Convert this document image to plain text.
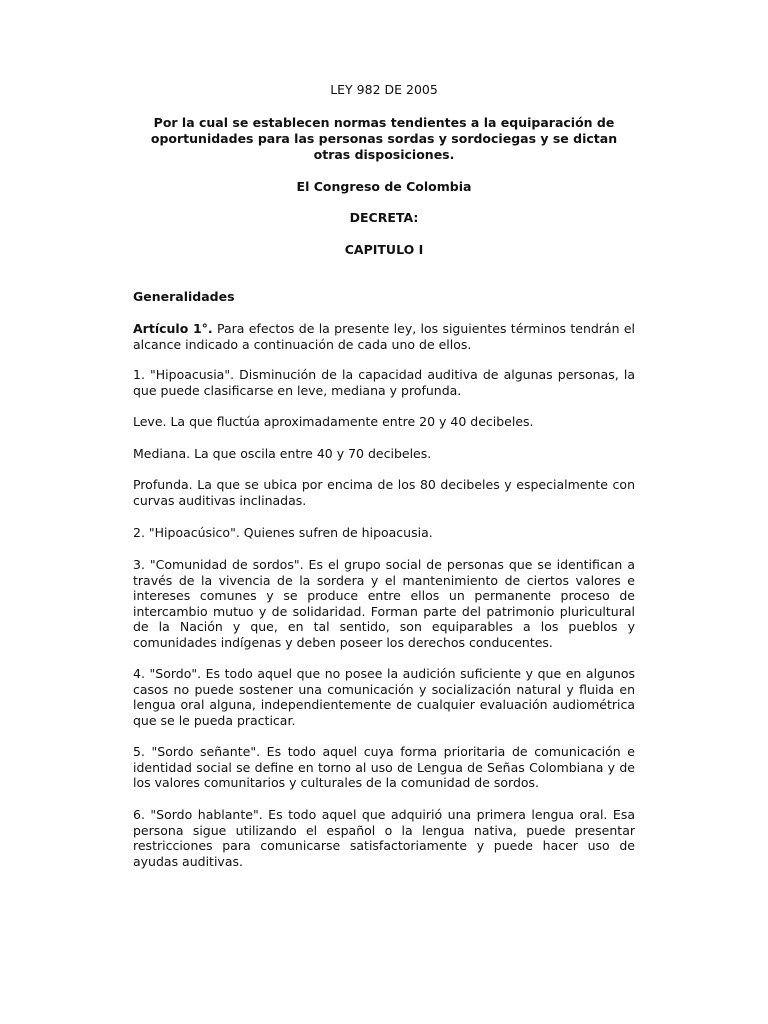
LEY 982 DE 2005

Por la cual se establecen normas tendientes a la equiparación de oportunidades para las personas sordas y sordociegas y se dictan otras disposiciones.

El Congreso de Colombia

DECRETA:

CAPITULO I

Generalidades

Artículo 1°. Para efectos de la presente ley, los siguientes términos tendrán el alcance indicado a continuación de cada uno de ellos.

1. "Hipoacusia". Disminución de la capacidad auditiva de algunas personas, la que puede clasificarse en leve, mediana y profunda.

Leve. La que fluctúa aproximadamente entre 20 y 40 decibeles.

Mediana. La que oscila entre 40 y 70 decibeles.

Profunda. La que se ubica por encima de los 80 decibeles y especialmente con curvas auditivas inclinadas.

2. "Hipoacúsico". Quienes sufren de hipoacusia.

3. "Comunidad de sordos". Es el grupo social de personas que se identifican a través de la vivencia de la sordera y el mantenimiento de ciertos valores e intereses comunes y se produce entre ellos un permanente proceso de intercambio mutuo y de solidaridad. Forman parte del patrimonio pluricultural de la Nación y que, en tal sentido, son equiparables a los pueblos y comunidades indígenas y deben poseer los derechos conducentes.

4. "Sordo". Es todo aquel que no posee la audición suficiente y que en algunos casos no puede sostener una comunicación y socialización natural y fluida en lengua oral alguna, independientemente de cualquier evaluación audiométrica que se le pueda practicar.

5. "Sordo señante". Es todo aquel cuya forma prioritaria de comunicación e identidad social se define en torno al uso de Lengua de Señas Colombiana y de los valores comunitarios y culturales de la comunidad de sordos.

6. "Sordo hablante". Es todo aquel que adquirió una primera lengua oral. Esa persona sigue utilizando el español o la lengua nativa, puede presentar restricciones para comunicarse satisfactoriamente y puede hacer uso de ayudas auditivas.
